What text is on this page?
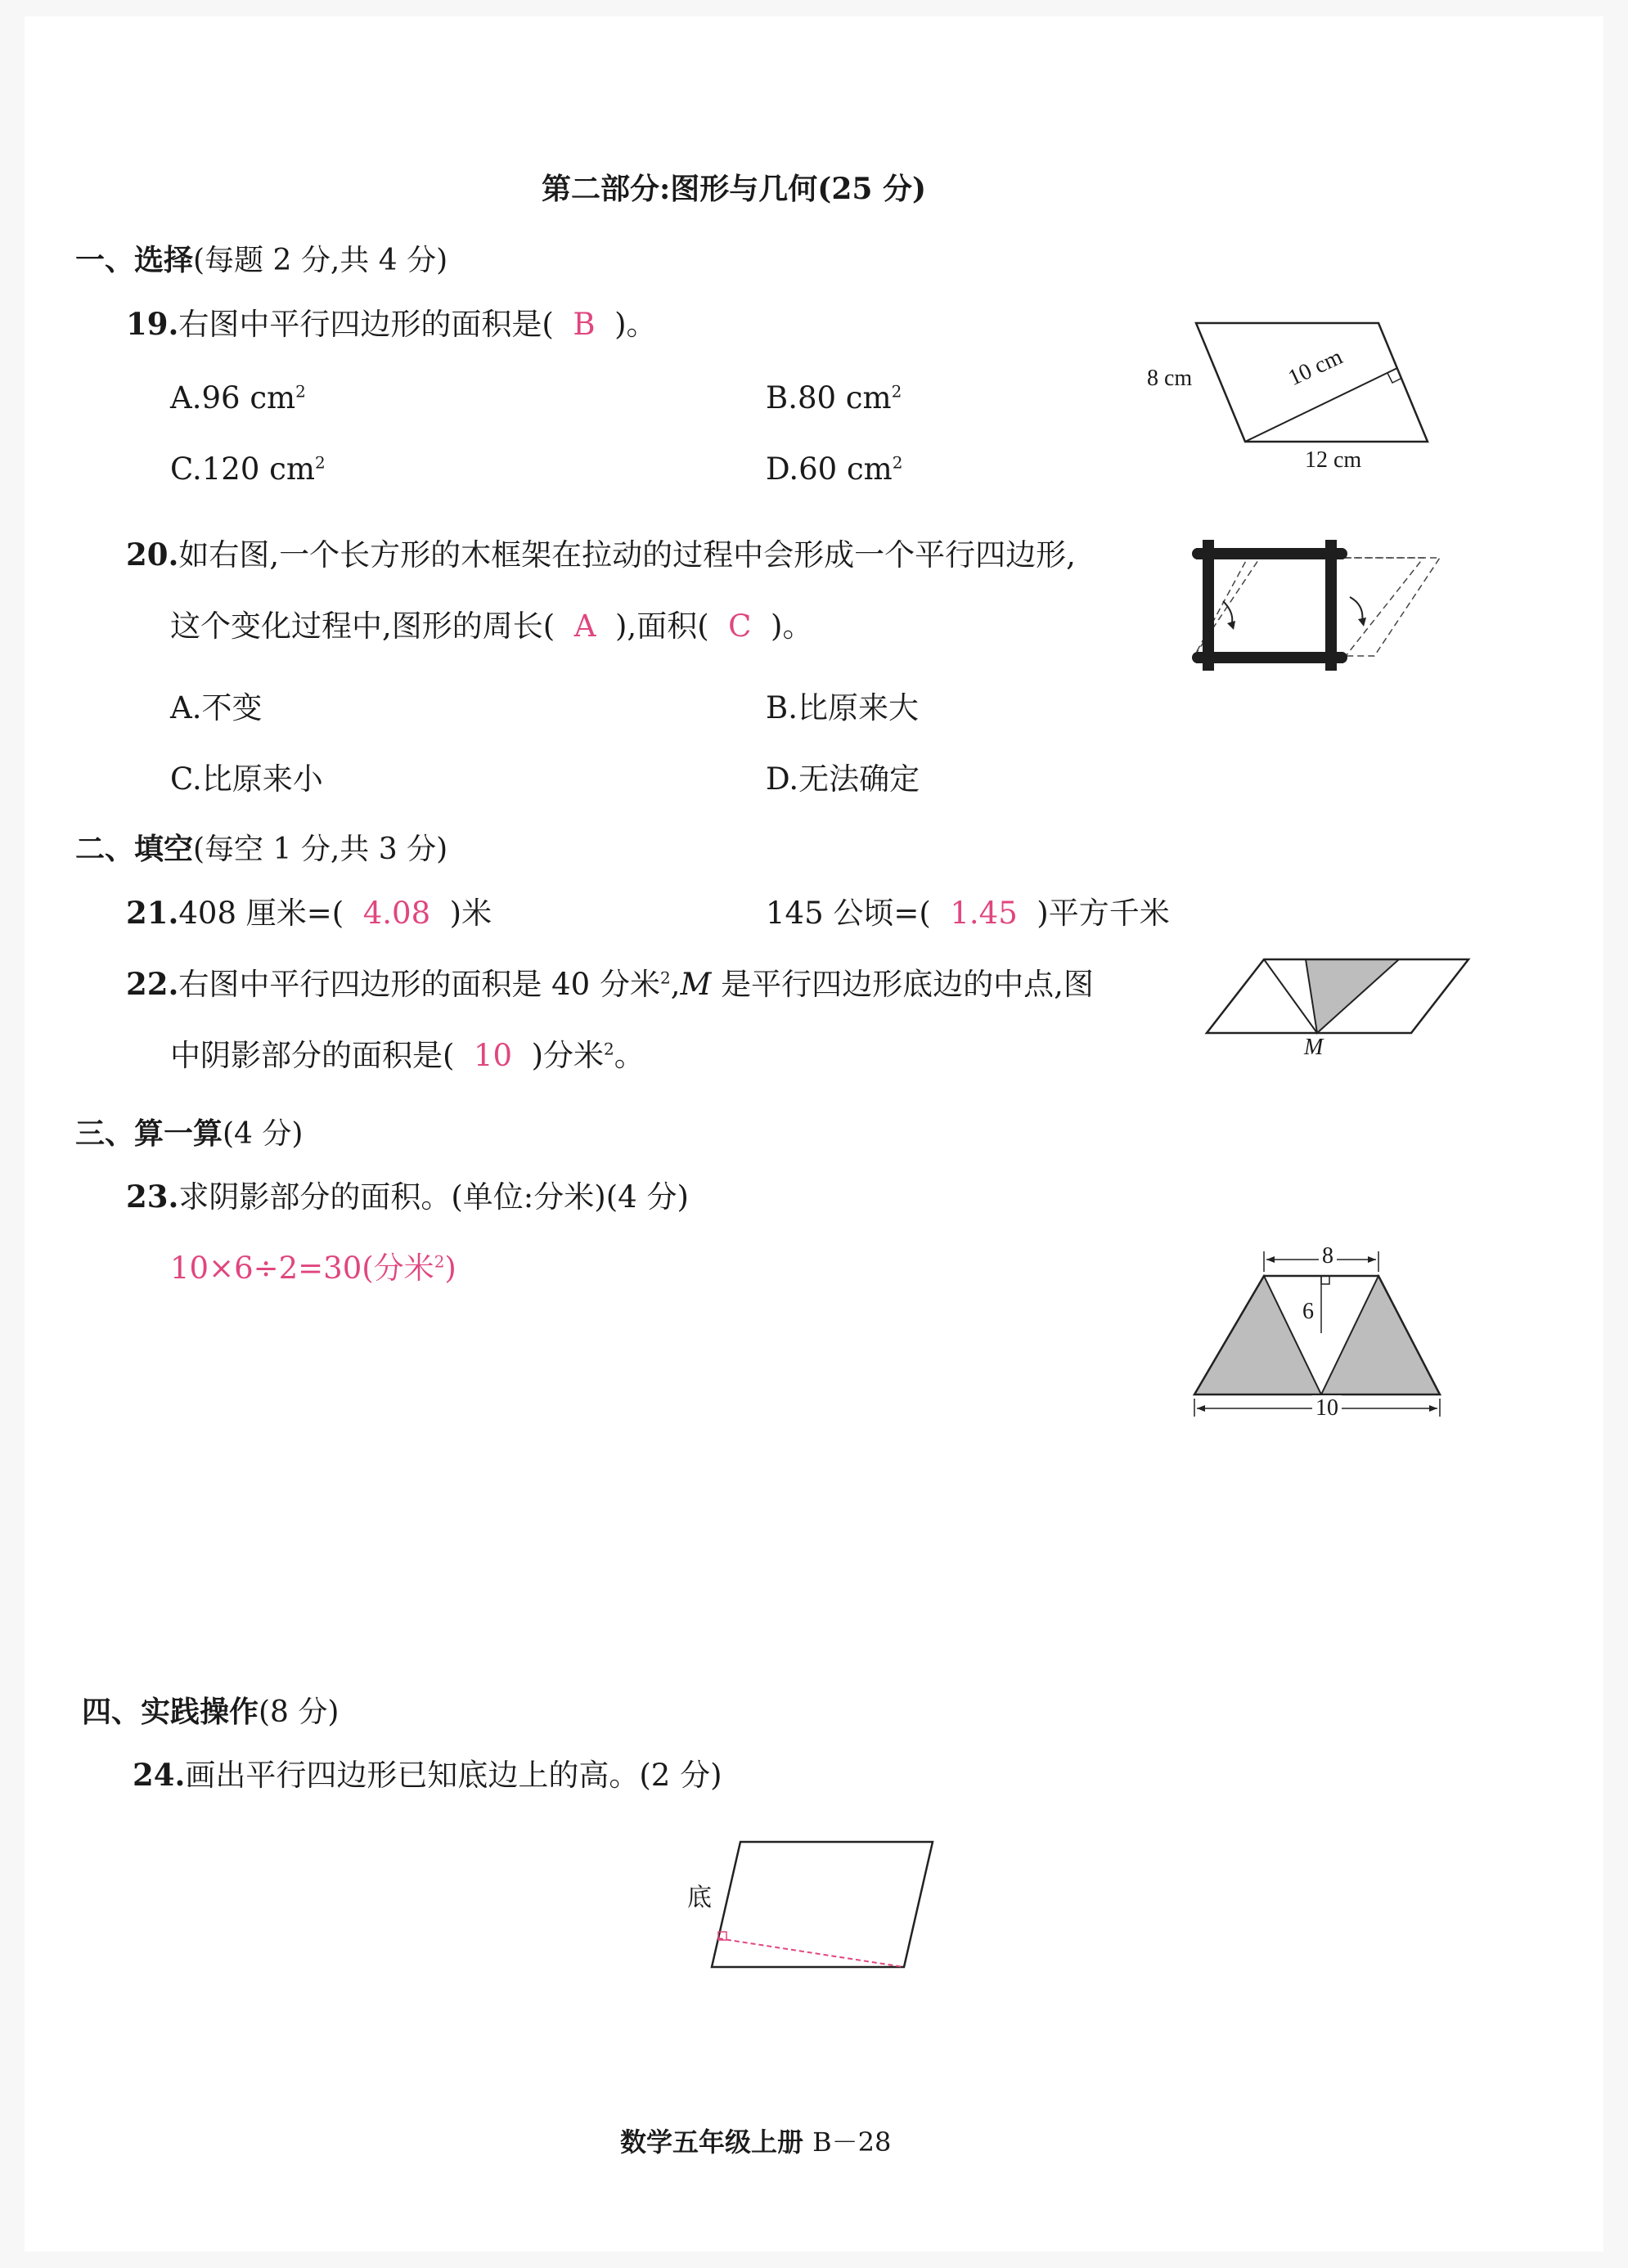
第二部分:图形与几何(25 分)
一、选择(每题 2 分,共 4 分)
19.右图中平行四边形的面积是( B )。
A.96 $cm^2$	B.80 $cm^2$
C.120 $cm^2$	D.60 $cm^2$
8 cm	10 cm
12 cm
20.如右图,一个长方形的木框架在拉动的过程中会形成一个平行四边形,
这个变化过程中,图形的周长( A ),面积( C )。
A.不变	B.比原来大
C.比原来小	D.无法确定
二、填空(每空 1 分,共 3 分)
21.408 厘米=( 4.08 )米	145 公顷=( 1.45 )平方千米
22.右图中平行四边形的面积是 40 分米$^2$,M 是平行四边形底边的中点,图
中阴影部分的面积是( 10 )分米$^2$。	M
三、算一算(4 分)
23.求阴影部分的面积。(单位:分米)(4 分)
10×6÷2=30(分米$^2$)	8
6
10
四、实践操作(8 分)
24.画出平行四边形已知底边上的高。(2 分)
底
数学五年级上册 B－28
